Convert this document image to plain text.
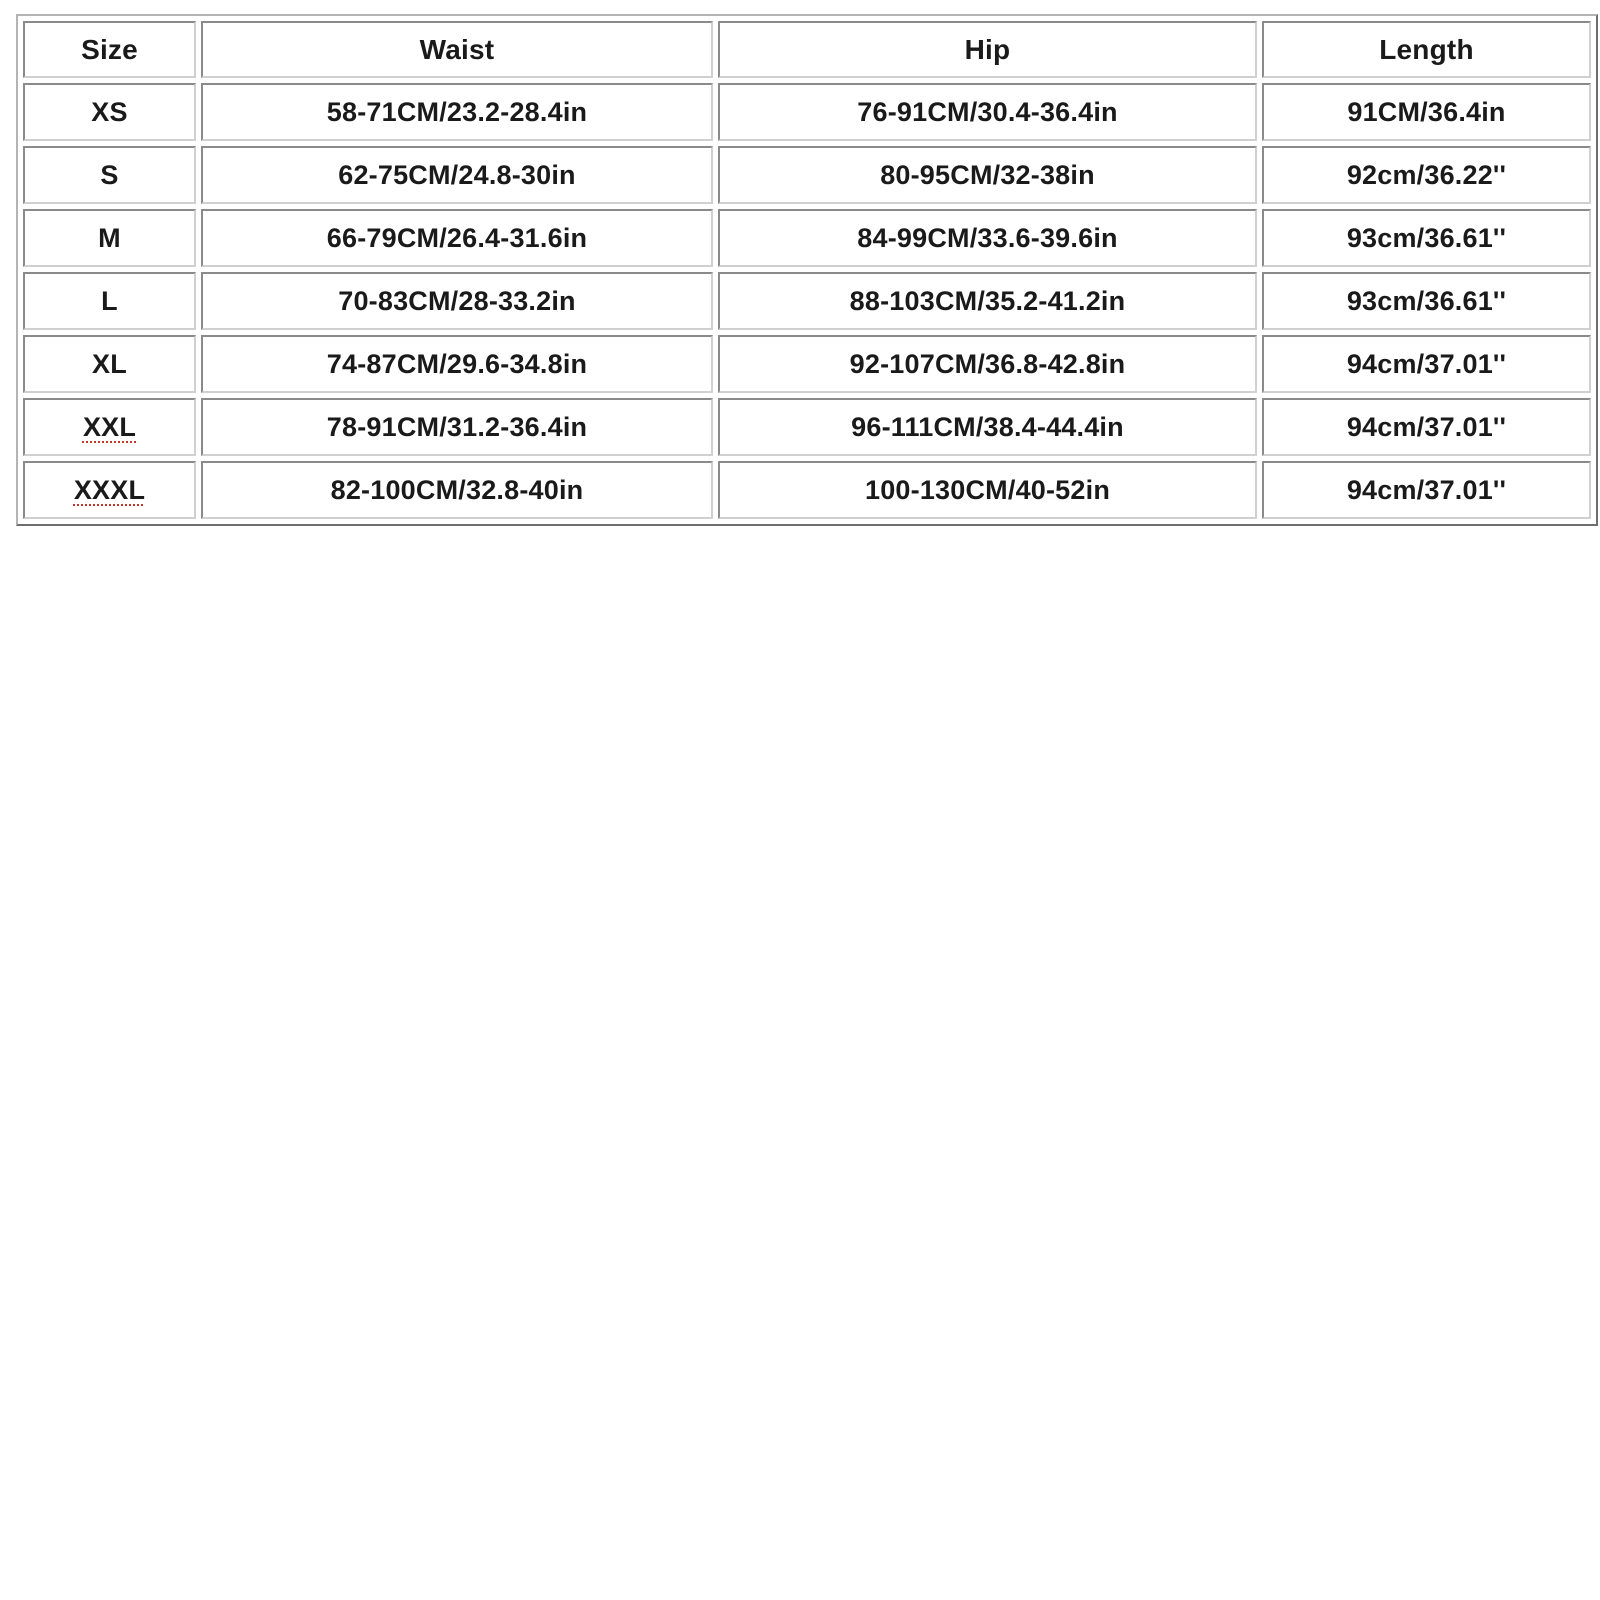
Size	Waist	Hip	Length
XS	58-71CM/23.2-28.4in	76-91CM/30.4-36.4in	91CM/36.4in
S	62-75CM/24.8-30in	80-95CM/32-38in	92cm/36.22''
M	66-79CM/26.4-31.6in	84-99CM/33.6-39.6in	93cm/36.61''
L	70-83CM/28-33.2in	88-103CM/35.2-41.2in	93cm/36.61''
XL	74-87CM/29.6-34.8in	92-107CM/36.8-42.8in	94cm/37.01''
XXL	78-91CM/31.2-36.4in	96-111CM/38.4-44.4in	94cm/37.01''
XXXL	82-100CM/32.8-40in	100-130CM/40-52in	94cm/37.01''
